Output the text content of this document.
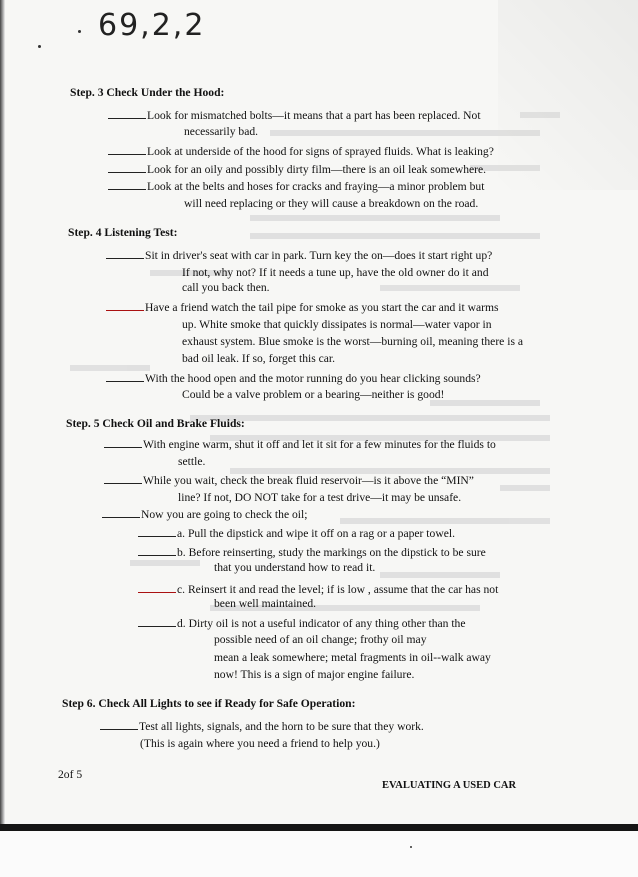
69,2,2
Step. 3 Check Under the Hood:
Look for mismatched bolts—it means that a part has been replaced. Not
necessarily bad.
Look at underside of the hood for signs of sprayed fluids. What is leaking?
Look for an oily and possibly dirty film—there is an oil leak somewhere.
Look at the belts and hoses for cracks and fraying—a minor problem but
will need replacing or they will cause a breakdown on the road.
Step. 4 Listening Test:
Sit in driver's seat with car in park. Turn key the on—does it start right up?
If not, why not? If it needs a tune up, have the old owner do it and
call you back then.
Have a friend watch the tail pipe for smoke as you start the car and it warms
up. White smoke that quickly dissipates is normal—water vapor in
exhaust system. Blue smoke is the worst—burning oil, meaning there is a
bad oil leak. If so, forget this car.
With the hood open and the motor running do you hear clicking sounds?
Could be a valve problem or a bearing—neither is good!
Step. 5 Check Oil and Brake Fluids:
With engine warm, shut it off and let it sit for a few minutes for the fluids to
settle.
While you wait, check the break fluid reservoir—is it above the “MIN”
line? If not, DO NOT take for a test drive—it may be unsafe.
Now you are going to check the oil;
a. Pull the dipstick and wipe it off on a rag or a paper towel.
b. Before reinserting, study the markings on the dipstick to be sure
that you understand how to read it.
c. Reinsert it and read the level; if is low , assume that the car has not
been well maintained.
d. Dirty oil is not a useful indicator of any thing other than the
possible need of an oil change; frothy oil may
mean a leak somewhere; metal fragments in oil--walk away
now! This is a sign of major engine failure.
Step 6. Check All Lights to see if Ready for Safe Operation:
Test all lights, signals, and the horn to be sure that they work.
(This is again where you need a friend to help you.)
2of 5
EVALUATING A USED CAR
